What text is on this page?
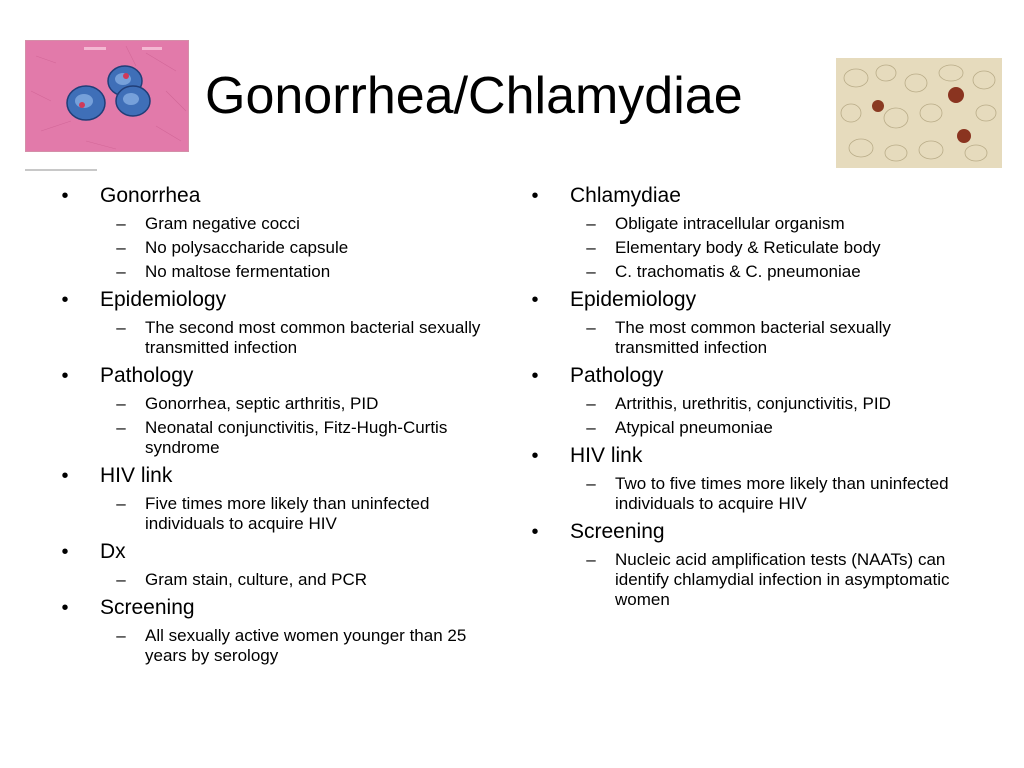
Gonorrhea/Chlamydiae
•	Gonorrhea
–	Gram negative cocci
–	No polysaccharide capsule
–	No maltose fermentation
•	Epidemiology
–	The second most common bacterial sexually transmitted infection
•	Pathology
–	Gonorrhea, septic arthritis, PID
–	Neonatal conjunctivitis, Fitz-Hugh-Curtis syndrome
•	HIV link
–	Five times more likely than uninfected individuals to acquire HIV
•	Dx
–	Gram stain, culture, and PCR
•	Screening
–	All sexually active women younger than 25 years by serology
•	Chlamydiae
–	Obligate intracellular organism
–	Elementary body & Reticulate body
–	C. trachomatis & C. pneumoniae
•	Epidemiology
–	The most common bacterial sexually transmitted infection
•	Pathology
–	Artrithis, urethritis, conjunctivitis, PID
–	Atypical pneumoniae
•	HIV link
–	Two to five times more likely than uninfected individuals to acquire HIV
•	Screening
–	Nucleic acid amplification tests (NAATs) can identify chlamydial infection in asymptomatic women
